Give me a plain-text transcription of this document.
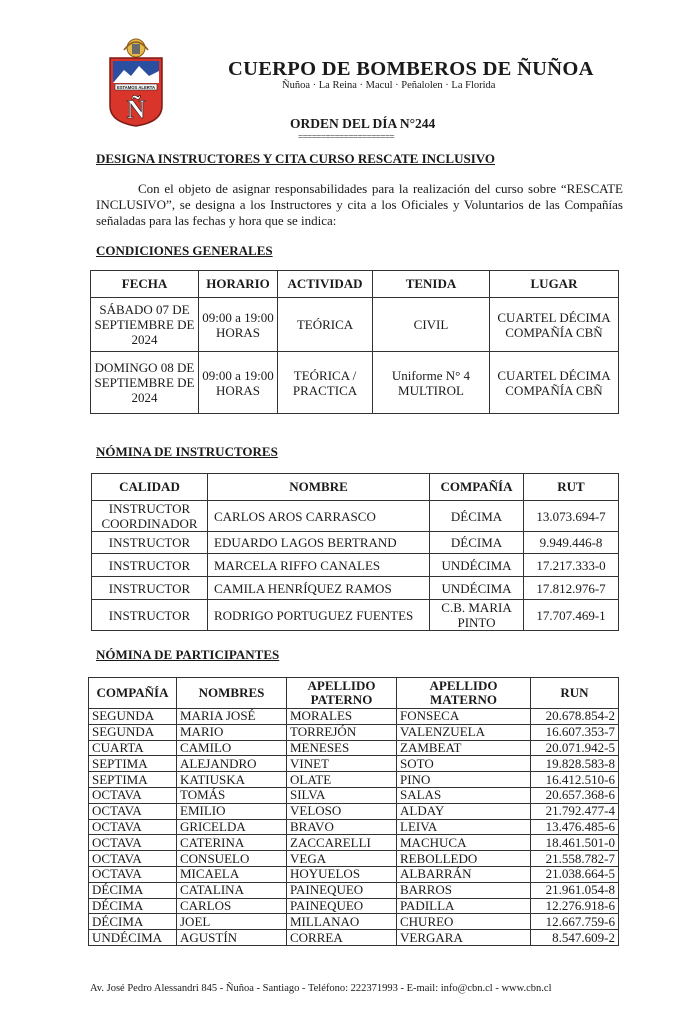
ESTAMOS ALERTA
Ñ
CUERPO DE BOMBEROS DE ÑUÑOA
Ñuñoa · La Reina · Macul · Peñalolen · La Florida
ORDEN DEL DÍA N°244
=====================
DESIGNA INSTRUCTORES Y CITA CURSO RESCATE INCLUSIVO
Con el objeto de asignar responsabilidades para la realización del curso sobre “RESCATE INCLUSIVO”, se designa a los Instructores y cita a los Oficiales y Voluntarios de las Compañías señaladas para las fechas y hora que se indica:
CONDICIONES GENERALES
FECHA	HORARIO	ACTIVIDAD	TENIDA	LUGAR
SÁBADO 07 DE SEPTIEMBRE DE 2024	09:00 a 19:00 HORAS	TEÓRICA	CIVIL	CUARTEL DÉCIMA COMPAÑÍA CBÑ
DOMINGO 08 DE SEPTIEMBRE DE 2024	09:00 a 19:00 HORAS	TEÓRICA / PRACTICA	Uniforme N° 4 MULTIROL	CUARTEL DÉCIMA COMPAÑÍA CBÑ
NÓMINA DE INSTRUCTORES
CALIDAD	NOMBRE	COMPAÑÍA	RUT
INSTRUCTOR COORDINADOR	CARLOS AROS CARRASCO	DÉCIMA	13.073.694-7
INSTRUCTOR	EDUARDO LAGOS BERTRAND	DÉCIMA	9.949.446-8
INSTRUCTOR	MARCELA RIFFO CANALES	UNDÉCIMA	17.217.333-0
INSTRUCTOR	CAMILA HENRÍQUEZ RAMOS	UNDÉCIMA	17.812.976-7
INSTRUCTOR	RODRIGO PORTUGUEZ FUENTES	C.B. MARIA PINTO	17.707.469-1
NÓMINA DE PARTICIPANTES
COMPAÑÍA	NOMBRES	APELLIDO PATERNO	APELLIDO MATERNO	RUN
SEGUNDA	MARIA JOSÉ	MORALES	FONSECA	20.678.854-2
SEGUNDA	MARIO	TORREJÓN	VALENZUELA	16.607.353-7
CUARTA	CAMILO	MENESES	ZAMBEAT	20.071.942-5
SEPTIMA	ALEJANDRO	VINET	SOTO	19.828.583-8
SEPTIMA	KATIUSKA	OLATE	PINO	16.412.510-6
OCTAVA	TOMÁS	SILVA	SALAS	20.657.368-6
OCTAVA	EMILIO	VELOSO	ALDAY	21.792.477-4
OCTAVA	GRICELDA	BRAVO	LEIVA	13.476.485-6
OCTAVA	CATERINA	ZACCARELLI	MACHUCA	18.461.501-0
OCTAVA	CONSUELO	VEGA	REBOLLEDO	21.558.782-7
OCTAVA	MICAELA	HOYUELOS	ALBARRÁN	21.038.664-5
DÉCIMA	CATALINA	PAINEQUEO	BARROS	21.961.054-8
DÉCIMA	CARLOS	PAINEQUEO	PADILLA	12.276.918-6
DÉCIMA	JOEL	MILLANAO	CHUREO	12.667.759-6
UNDÉCIMA	AGUSTÍN	CORREA	VERGARA	8.547.609-2
Av. José Pedro Alessandri 845 - Ñuñoa - Santiago - Teléfono: 222371993 - E-mail: info@cbn.cl - www.cbn.cl
